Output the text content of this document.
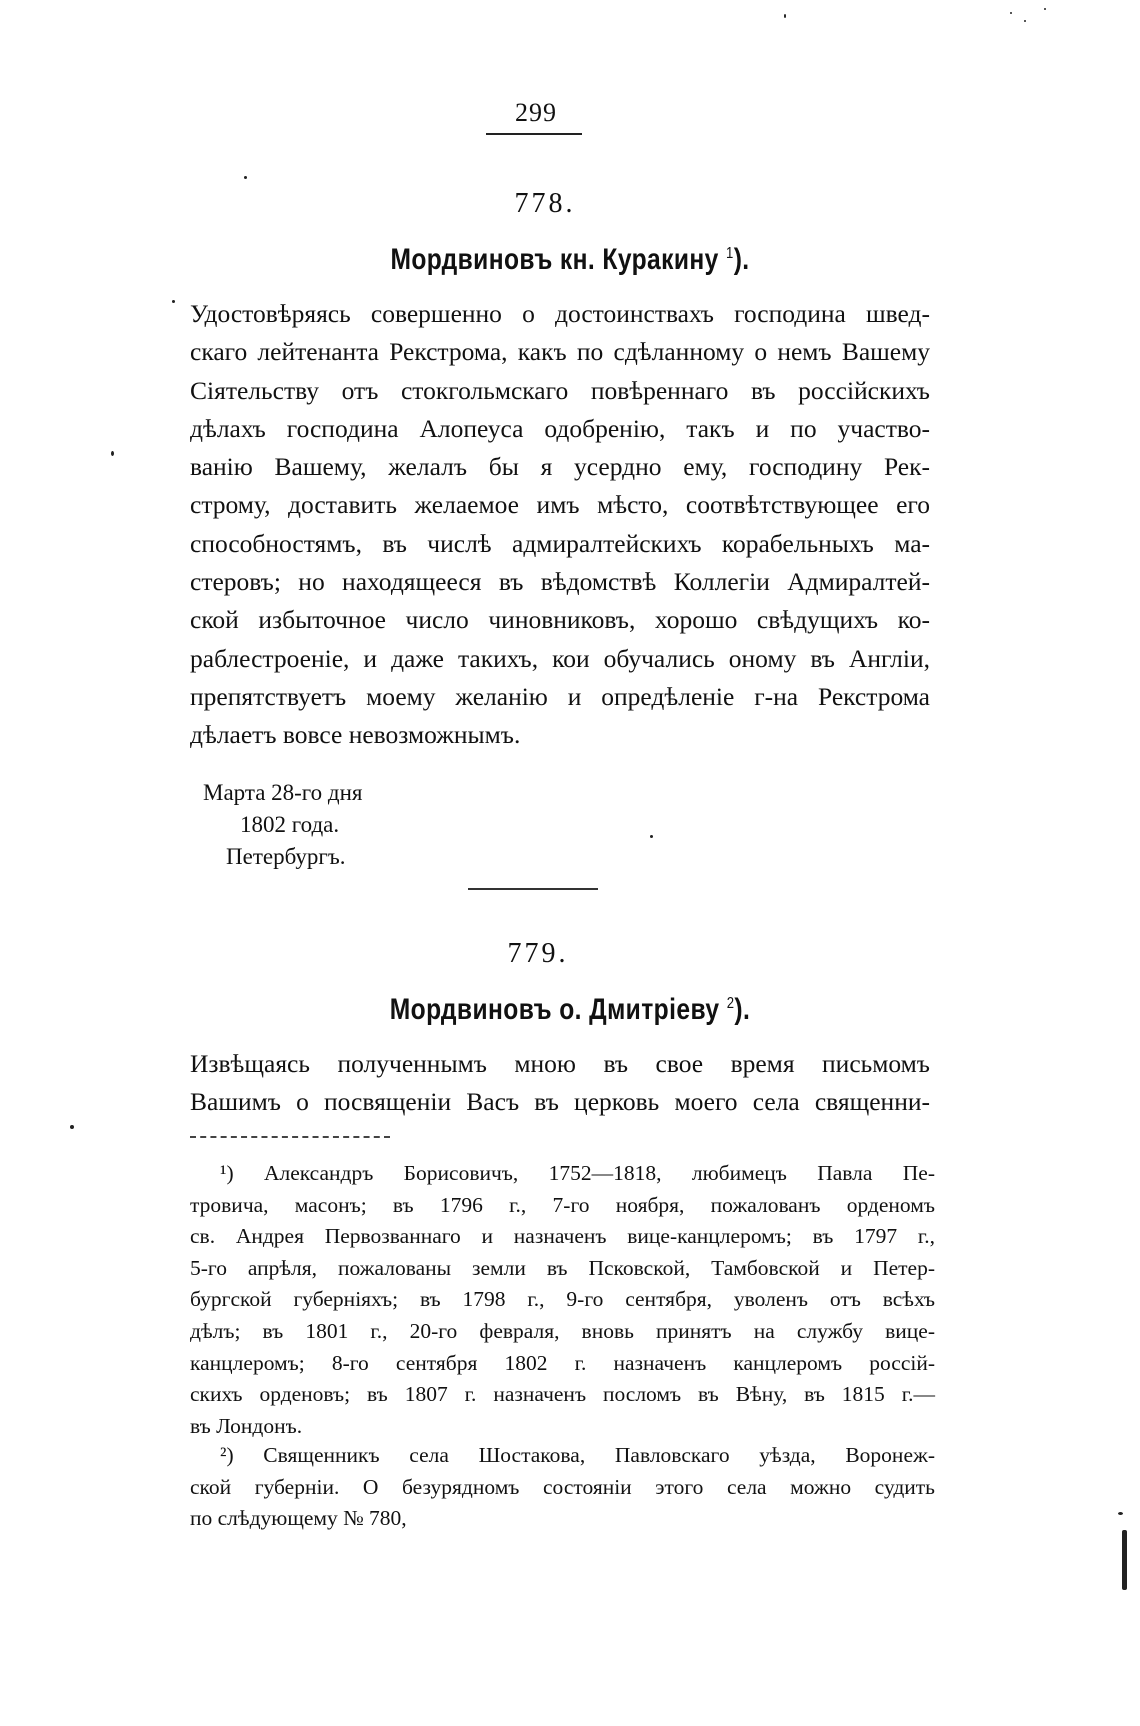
299
778.
Мордвиновъ кн. Куракину $^1$).
Удостовѣряясь совершенно о достоинствахъ господина швед-
скаго лейтенанта Рекстрома, какъ по сдѣланному о немъ Вашему
Сіятельству отъ стокгольмскаго повѣреннаго въ россійскихъ
дѣлахъ господина Алопеуса одобренію, такъ и по участво-
ванію Вашему, желалъ бы я усердно ему, господину Рек-
строму, доставить желаемое имъ мѣсто, соотвѣтствующее его
способностямъ, въ числѣ адмиралтейскихъ корабельныхъ ма-
стеровъ; но находящееся въ вѣдомствѣ Коллегіи Адмиралтей-
ской избыточное число чиновниковъ, хорошо свѣдущихъ ко-
раблестроеніе, и даже такихъ, кои обучались оному въ Англіи,
препятствуетъ моему желанію и опредѣленіе г-на Рекстрома
дѣлаетъ вовсе невозможнымъ.
Марта 28-го дня
1802 года.
Петербургъ.
779.
Мордвиновъ о. Дмитріеву $^2$).
Извѣщаясь полученнымъ мною въ свое время письмомъ
Вашимъ о посвященіи Васъ въ церковь моего села священни-
¹) Александръ Борисовичъ, 1752—1818, любимецъ Павла Пе-
тровича, масонъ; въ 1796 г., 7-го ноября, пожалованъ орденомъ
св. Андрея Первозваннаго и назначенъ вице-канцлеромъ; въ 1797 г.,
5-го апрѣля, пожалованы земли въ Псковской, Тамбовской и Петер-
бургской губерніяхъ; въ 1798 г., 9-го сентября, уволенъ отъ всѣхъ
дѣлъ; въ 1801 г., 20-го февраля, вновь принятъ на службу вице-
канцлеромъ; 8-го сентября 1802 г. назначенъ канцлеромъ россій-
скихъ орденовъ; въ 1807 г. назначенъ посломъ въ Вѣну, въ 1815 г.—
въ Лондонъ.
²) Священникъ села Шостакова, Павловскаго уѣзда, Воронеж-
ской губерніи. О безурядномъ состояніи этого села можно судить
по слѣдующему № 780,
